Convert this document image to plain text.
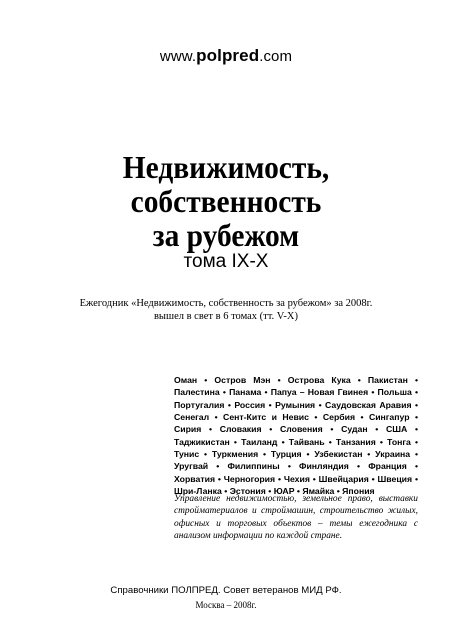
www.polpred.com
Недвижимость,
собственность
за рубежом
тома IX-X
Ежегодник «Недвижимость, собственность за рубежом» за 2008г.
вышел в свет в 6 томах (тт. V-X)
Оман • Остров Мэн • Острова Кука • Пакистан • Палестина • Панама • Папуа – Новая Гвинея • Польша • Португалия • Россия • Румыния • Саудовская Аравия • Сенегал • Сент-Китс и Невис • Сербия • Сингапур • Сирия • Словакия • Словения • Судан • США • Таджикистан • Таиланд • Тайвань • Танзания • Тонга • Тунис • Туркмения • Турция • Узбекистан • Украина • Уругвай • Филиппины • Финляндия • Франция • Хорватия • Черногория • Чехия • Швейцария • Швеция • Шри-Ланка • Эстония • ЮАР • Ямайка • Япония
Управление недвижимостью, земельное право, выставки стройматериалов и строймашин, строительство жилых, офисных и торговых объектов – темы ежегодника с анализом информации по каждой стране.
Справочники ПОЛПРЕД. Совет ветеранов МИД РФ.
Москва – 2008г.
